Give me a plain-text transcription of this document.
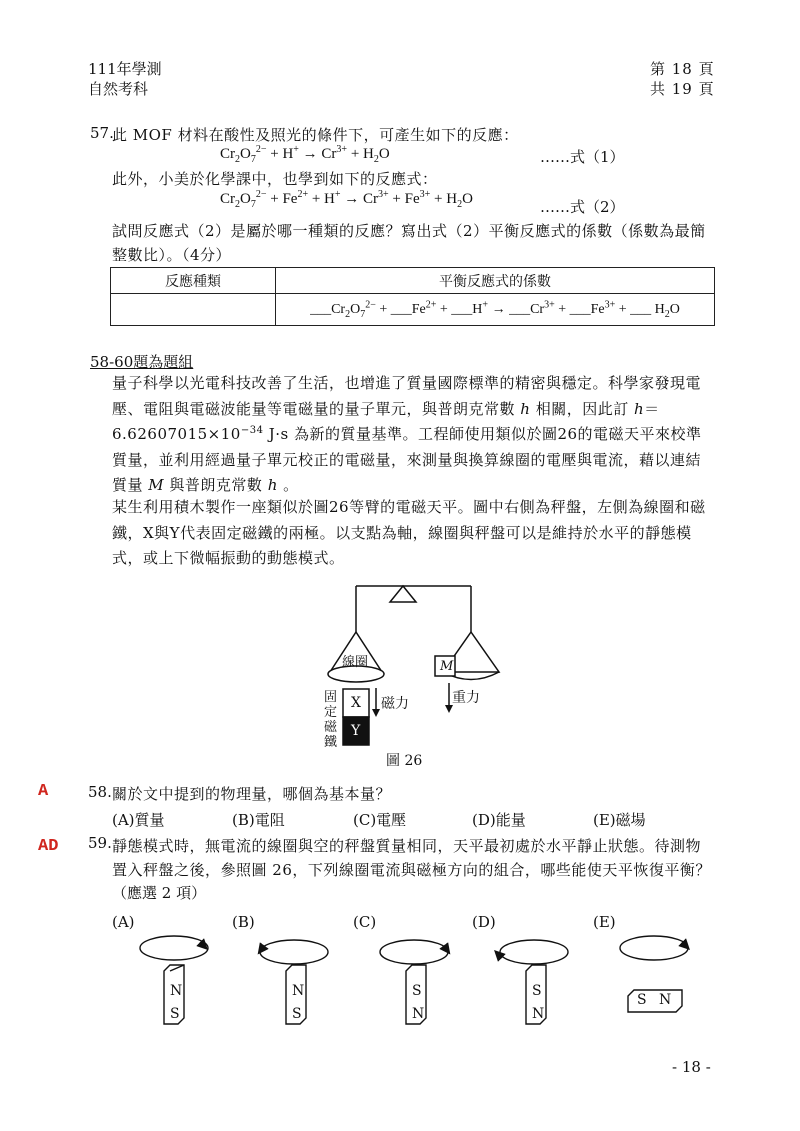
111年學測
自然考科
第 18 頁
共 19 頁
57.
此 MOF 材料在酸性及照光的條件下，可產生如下的反應：
$Cr_2O_7^{2-} + H^+ \to Cr^{3+} + H_2O$	……式（1）
此外，小美於化學課中，也學到如下的反應式：
$Cr_2O_7^{2-} + Fe^{2+} + H^+ \to Cr^{3+} + Fe^{3+} + H_2O$	……式（2）
試問反應式（2）是屬於哪一種類的反應？寫出式（2）平衡反應式的係數（係數為最簡整數比）。（4分）
反應種類	平衡反應式的係數
	$\_\_\_Cr_2O_7^{2-}$ + $\_\_\_Fe^{2+}$ + ___H+ → $\_\_\_Cr^{3+}$ + $\_\_\_Fe^{3+}$ + ___ $H_2O$
58-60題為題組
量子科學以光電科技改善了生活，也增進了質量國際標準的精密與穩定。科學家發現電壓、電阻與電磁波能量等電磁量的量子單元，與普朗克常數 h 相關，因此訂 $h=6.62607015\times 10^{-34}$ J·s 為新的質量基準。工程師使用類似於圖26的電磁天平來校準質量，並利用經過量子單元校正的電磁量，來測量與換算線圈的電壓與電流，藉以連結質量 M 與普朗克常數 h 。
某生利用積木製作一座類似於圖26等臂的電磁天平。圖中右側為秤盤，左側為線圈和磁鐵，X與Y代表固定磁鐵的兩極。以支點為軸，線圈與秤盤可以是維持於水平的靜態模式，或上下微幅振動的動態模式。
線圈	M
固定磁鐵
X
Y
磁力	重力
圖 26
A	58. 關於文中提到的物理量，哪個為基本量？
(A)質量	(B)電阻	(C)電壓	(D)能量	(E)磁場
AD 59. 靜態模式時，無電流的線圈與空的秤盤質量相同，天平最初處於水平靜止狀態。待測物置入秤盤之後，參照圖 26，下列線圈電流與磁極方向的組合，哪些能使天平恢復平衡？
（應選 2 項）
(A)	(B)	(C)	(D)	(E)
N
S
N
S
S
N
S
N
S N
- 18 -
